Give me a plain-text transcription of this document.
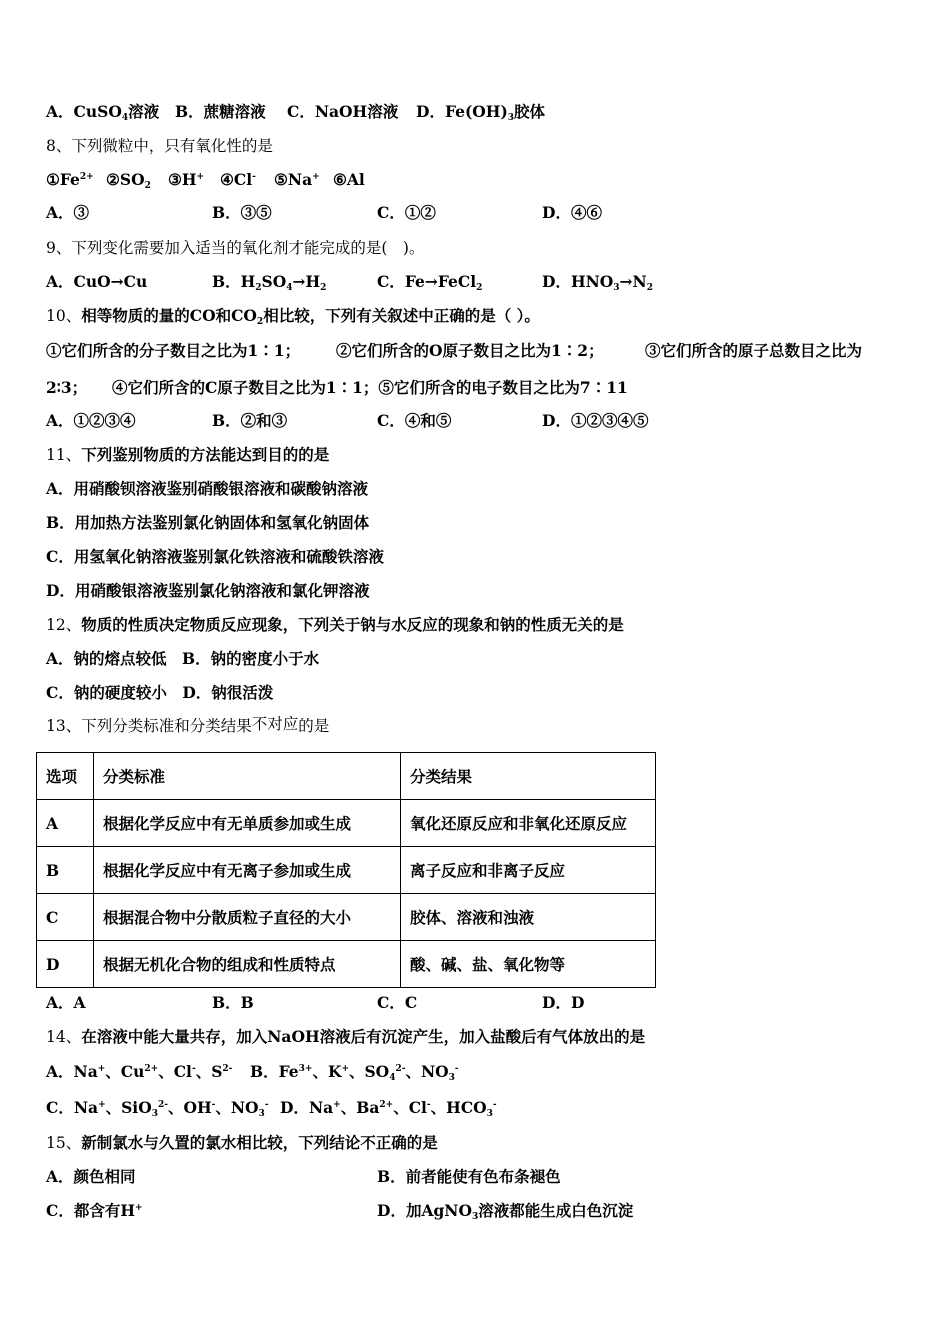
A．CuSO$_4$溶液 B．蔗糖溶液 C．NaOH溶液 D．$Fe(OH)_3$胶体
8、下列微粒中，只有氧化性的是
$①Fe^{2+}$ $②SO_2$ ③H+ ④Cl- ⑤Na+ ⑥Al
A．③	B．③⑤	C．①②	D．④⑥
9、下列变化需要加入适当的氧化剂才能完成的是(　)。
A．CuO→Cu	B．$H_2SO_4\to H_2$	C．Fe→FeCl$_2$	D．$HNO_3\to N_2$
10、相等物质的量的CO和$CO_2$相比较，下列有关叙述中正确的是（ ）。
①它们所含的分子数目之比为1∶1； ②它们所含的O原子数目之比为1∶2；	③它们所含的原子总数目之比为
2∶3； ④它们所含的C原子数目之比为1∶1；⑤它们所含的电子数目之比为7∶11
A．①②③④	B．②和③	C．④和⑤	D．①②③④⑤
11、下列鉴别物质的方法能达到目的的是
A．用硝酸钡溶液鉴别硝酸银溶液和碳酸钠溶液
B．用加热方法鉴别氯化钠固体和氢氧化钠固体
C．用氢氧化钠溶液鉴别氯化铁溶液和硫酸铁溶液
D．用硝酸银溶液鉴别氯化钠溶液和氯化钾溶液
12、物质的性质决定物质反应现象，下列关于钠与水反应的现象和钠的性质无关的是
A．钠的熔点较低　B．钠的密度小于水
C．钠的硬度较小　D．钠很活泼
13、下列分类标准和分类结果不对应的是
选项	分类标准	分类结果
A	根据化学反应中有无单质参加或生成	氧化还原反应和非氧化还原反应
B	根据化学反应中有无离子参加或生成	离子反应和非离子反应
C	根据混合物中分散质粒子直径的大小	胶体、溶液和浊液
D	根据无机化合物的组成和性质特点	酸、碱、盐、氧化物等
A．A	B．B	C．C	D．D
14、在溶液中能大量共存，加入NaOH溶液后有沉淀产生，加入盐酸后有气体放出的是
A．Na+、$Cu^{2+}$、Cl-、$S^{2-}$ B．$Fe^{3+}$、K+、$SO_4^{2-}$、$NO_3^-$
C．Na+、SiO$_3^{2-}$、OH-、$NO_3^-$ D．Na+、$Ba^{2+}$、Cl-、$HCO_3^-$
15、新制氯水与久置的氯水相比较，下列结论不正确的是
A．颜色相同	B．前者能使有色布条褪色
C．都含有H+	D．加AgNO$_3$溶液都能生成白色沉淀
